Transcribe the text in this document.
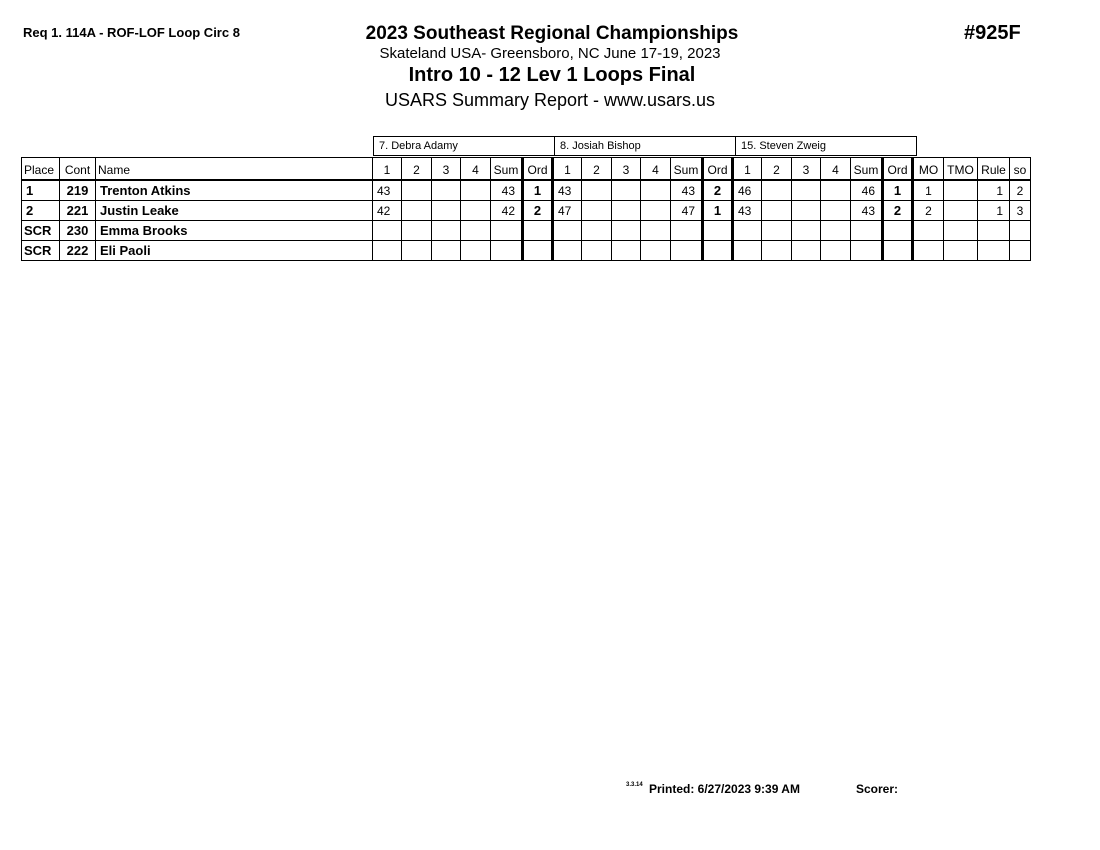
Req 1. 114A - ROF-LOF Loop Circ 8	#925F
2023 Southeast Regional Championships
Skateland USA- Greensboro, NC June 17-19, 2023
Intro 10 - 12 Lev 1 Loops Final
USARS Summary Report - www.usars.us
7. Debra Adamy	8. Josiah Bishop	15. Steven Zweig
Place	Cont	Name	1	2	3	4	Sum	Ord	1	2	3	4	Sum	Ord	1	2	3	4	Sum	Ord	MO	TMO	Rule	so
1	219	Trenton Atkins	43				43	1	43				43	2	46				46	1	1		1	2
2	221	Justin Leake	42				42	2	47				47	1	43				43	2	2		1	3
SCR	230	Emma Brooks																						
SCR	222	Eli Paoli																						
3.3.14 Printed: 6/27/2023 9:39 AM	Scorer:
